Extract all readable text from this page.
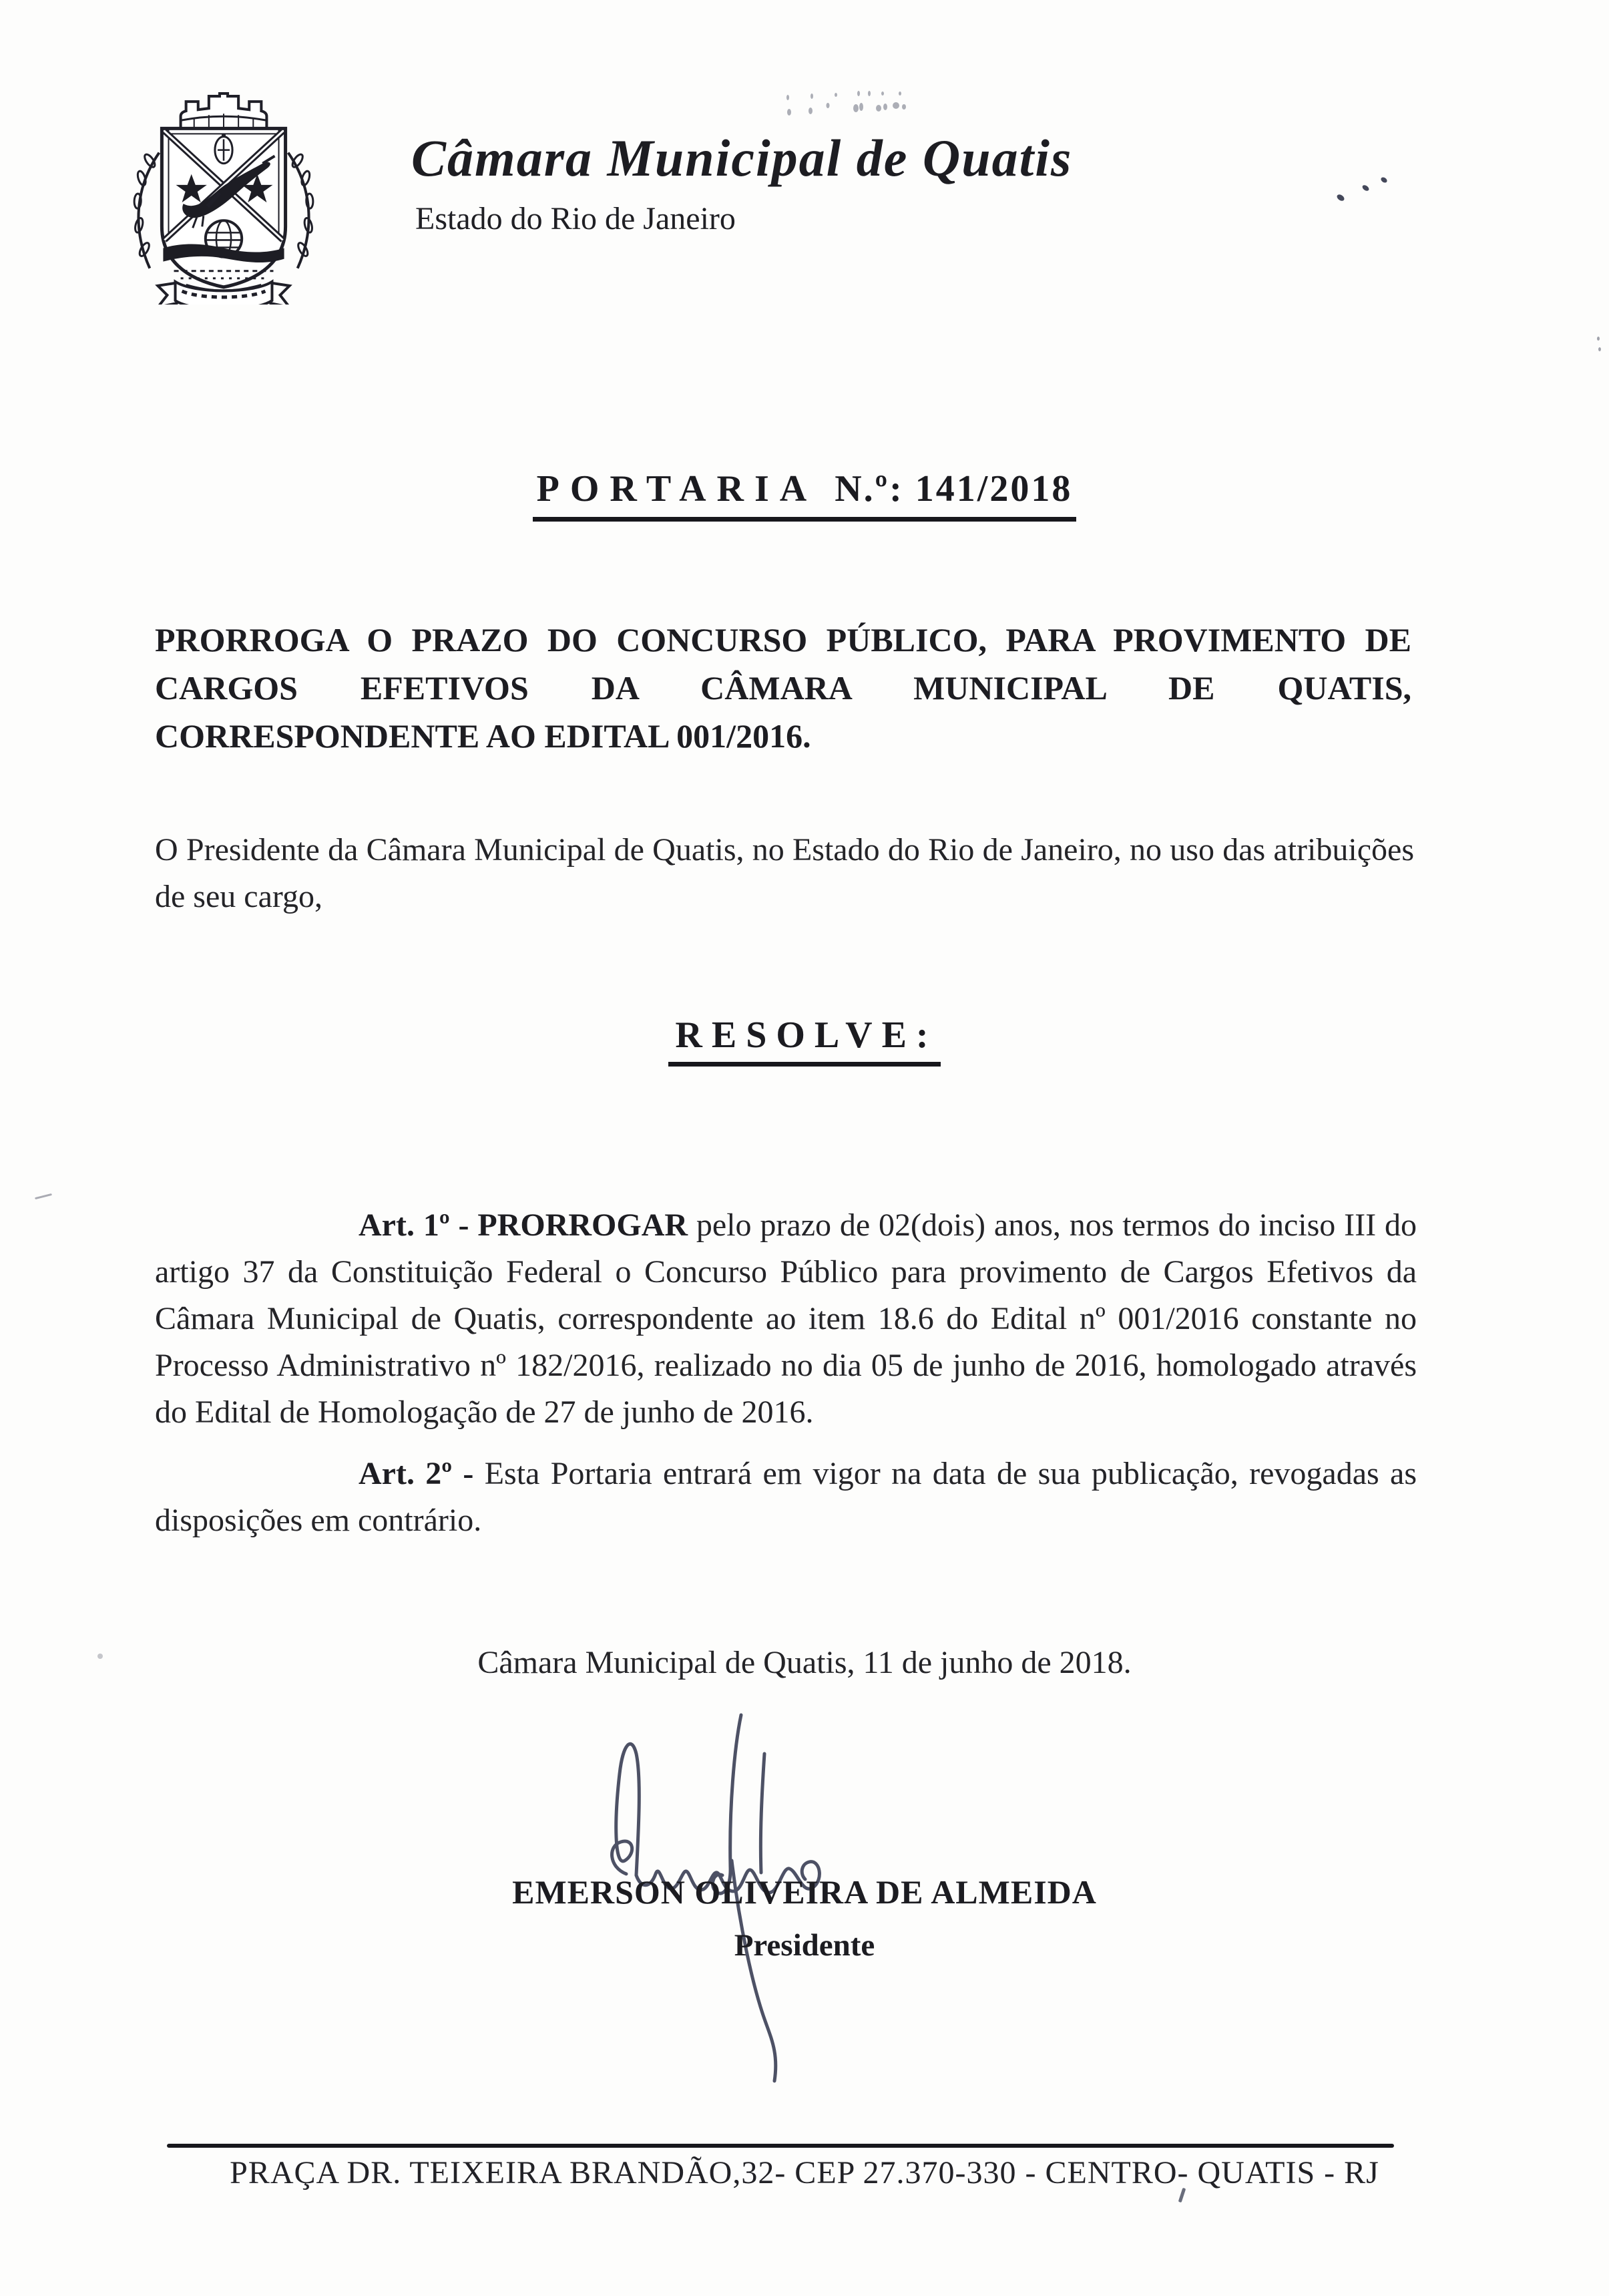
Câmara Municipal de Quatis
Estado do Rio de Janeiro
PORTARIA N.º: 141/2018
PRORROGA O PRAZO DO CONCURSO PÚBLICO, PARA PROVIMENTO DE
CARGOS EFETIVOS DA CÂMARA MUNICIPAL DE QUATIS,
CORRESPONDENTE AO EDITAL 001/2016.
O Presidente da Câmara Municipal de Quatis, no Estado do Rio de Janeiro, no uso das atribuições de seu cargo,
RESOLVE:
Art. 1º - PRORROGAR pelo prazo de 02(dois) anos, nos termos do inciso III do artigo 37 da Constituição Federal o Concurso Público para provimento de Cargos Efetivos da Câmara Municipal de Quatis, correspondente ao item 18.6 do Edital nº 001/2016 constante no Processo Administrativo nº 182/2016, realizado no dia 05 de junho de 2016, homologado através do Edital de Homologação de 27 de junho de 2016.
Art. 2º - Esta Portaria entrará em vigor na data de sua publicação, revogadas as disposições em contrário.
Câmara Municipal de Quatis, 11 de junho de 2018.
EMERSON OLIVEIRA DE ALMEIDA
Presidente
PRAÇA DR. TEIXEIRA BRANDÃO,32- CEP 27.370-330 - CENTRO- QUATIS - RJ
